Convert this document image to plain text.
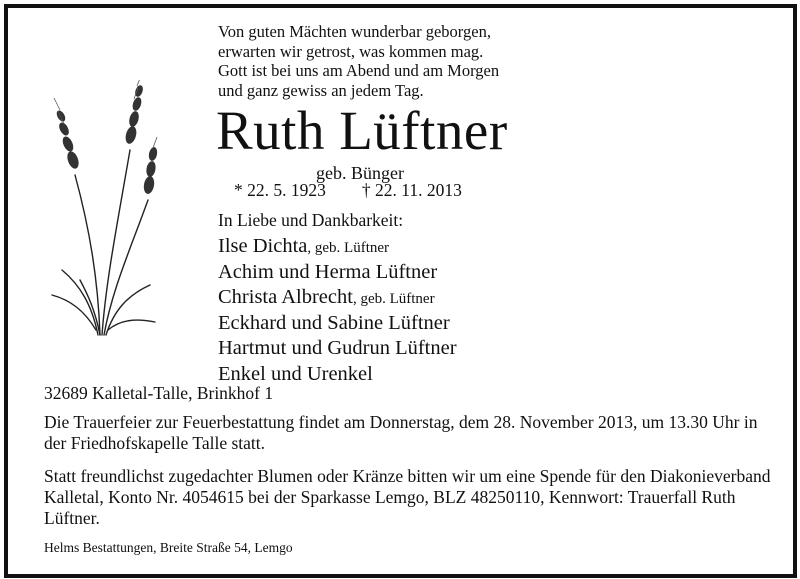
Von guten Mächten wunderbar geborgen,
erwarten wir getrost, was kommen mag.
Gott ist bei uns am Abend und am Morgen
und ganz gewiss an jedem Tag.
Ruth Lüftner
geb. Bünger
* 22. 5. 1923 † 22. 11. 2013
In Liebe und Dankbarkeit:
Ilse Dichta, geb. Lüftner
Achim und Herma Lüftner
Christa Albrecht, geb. Lüftner
Eckhard und Sabine Lüftner
Hartmut und Gudrun Lüftner
Enkel und Urenkel
32689 Kalletal-Talle, Brinkhof 1
Die Trauerfeier zur Feuerbestattung findet am Donnerstag, dem 28. November 2013, um 13.30 Uhr in der Friedhofskapelle Talle statt.
Statt freundlichst zugedachter Blumen oder Kränze bitten wir um eine Spende für den Diakonieverband Kalletal, Konto Nr. 4054615 bei der Sparkasse Lemgo, BLZ 48250110, Kennwort: Trauerfall Ruth Lüftner.
Helms Bestattungen, Breite Straße 54, Lemgo
